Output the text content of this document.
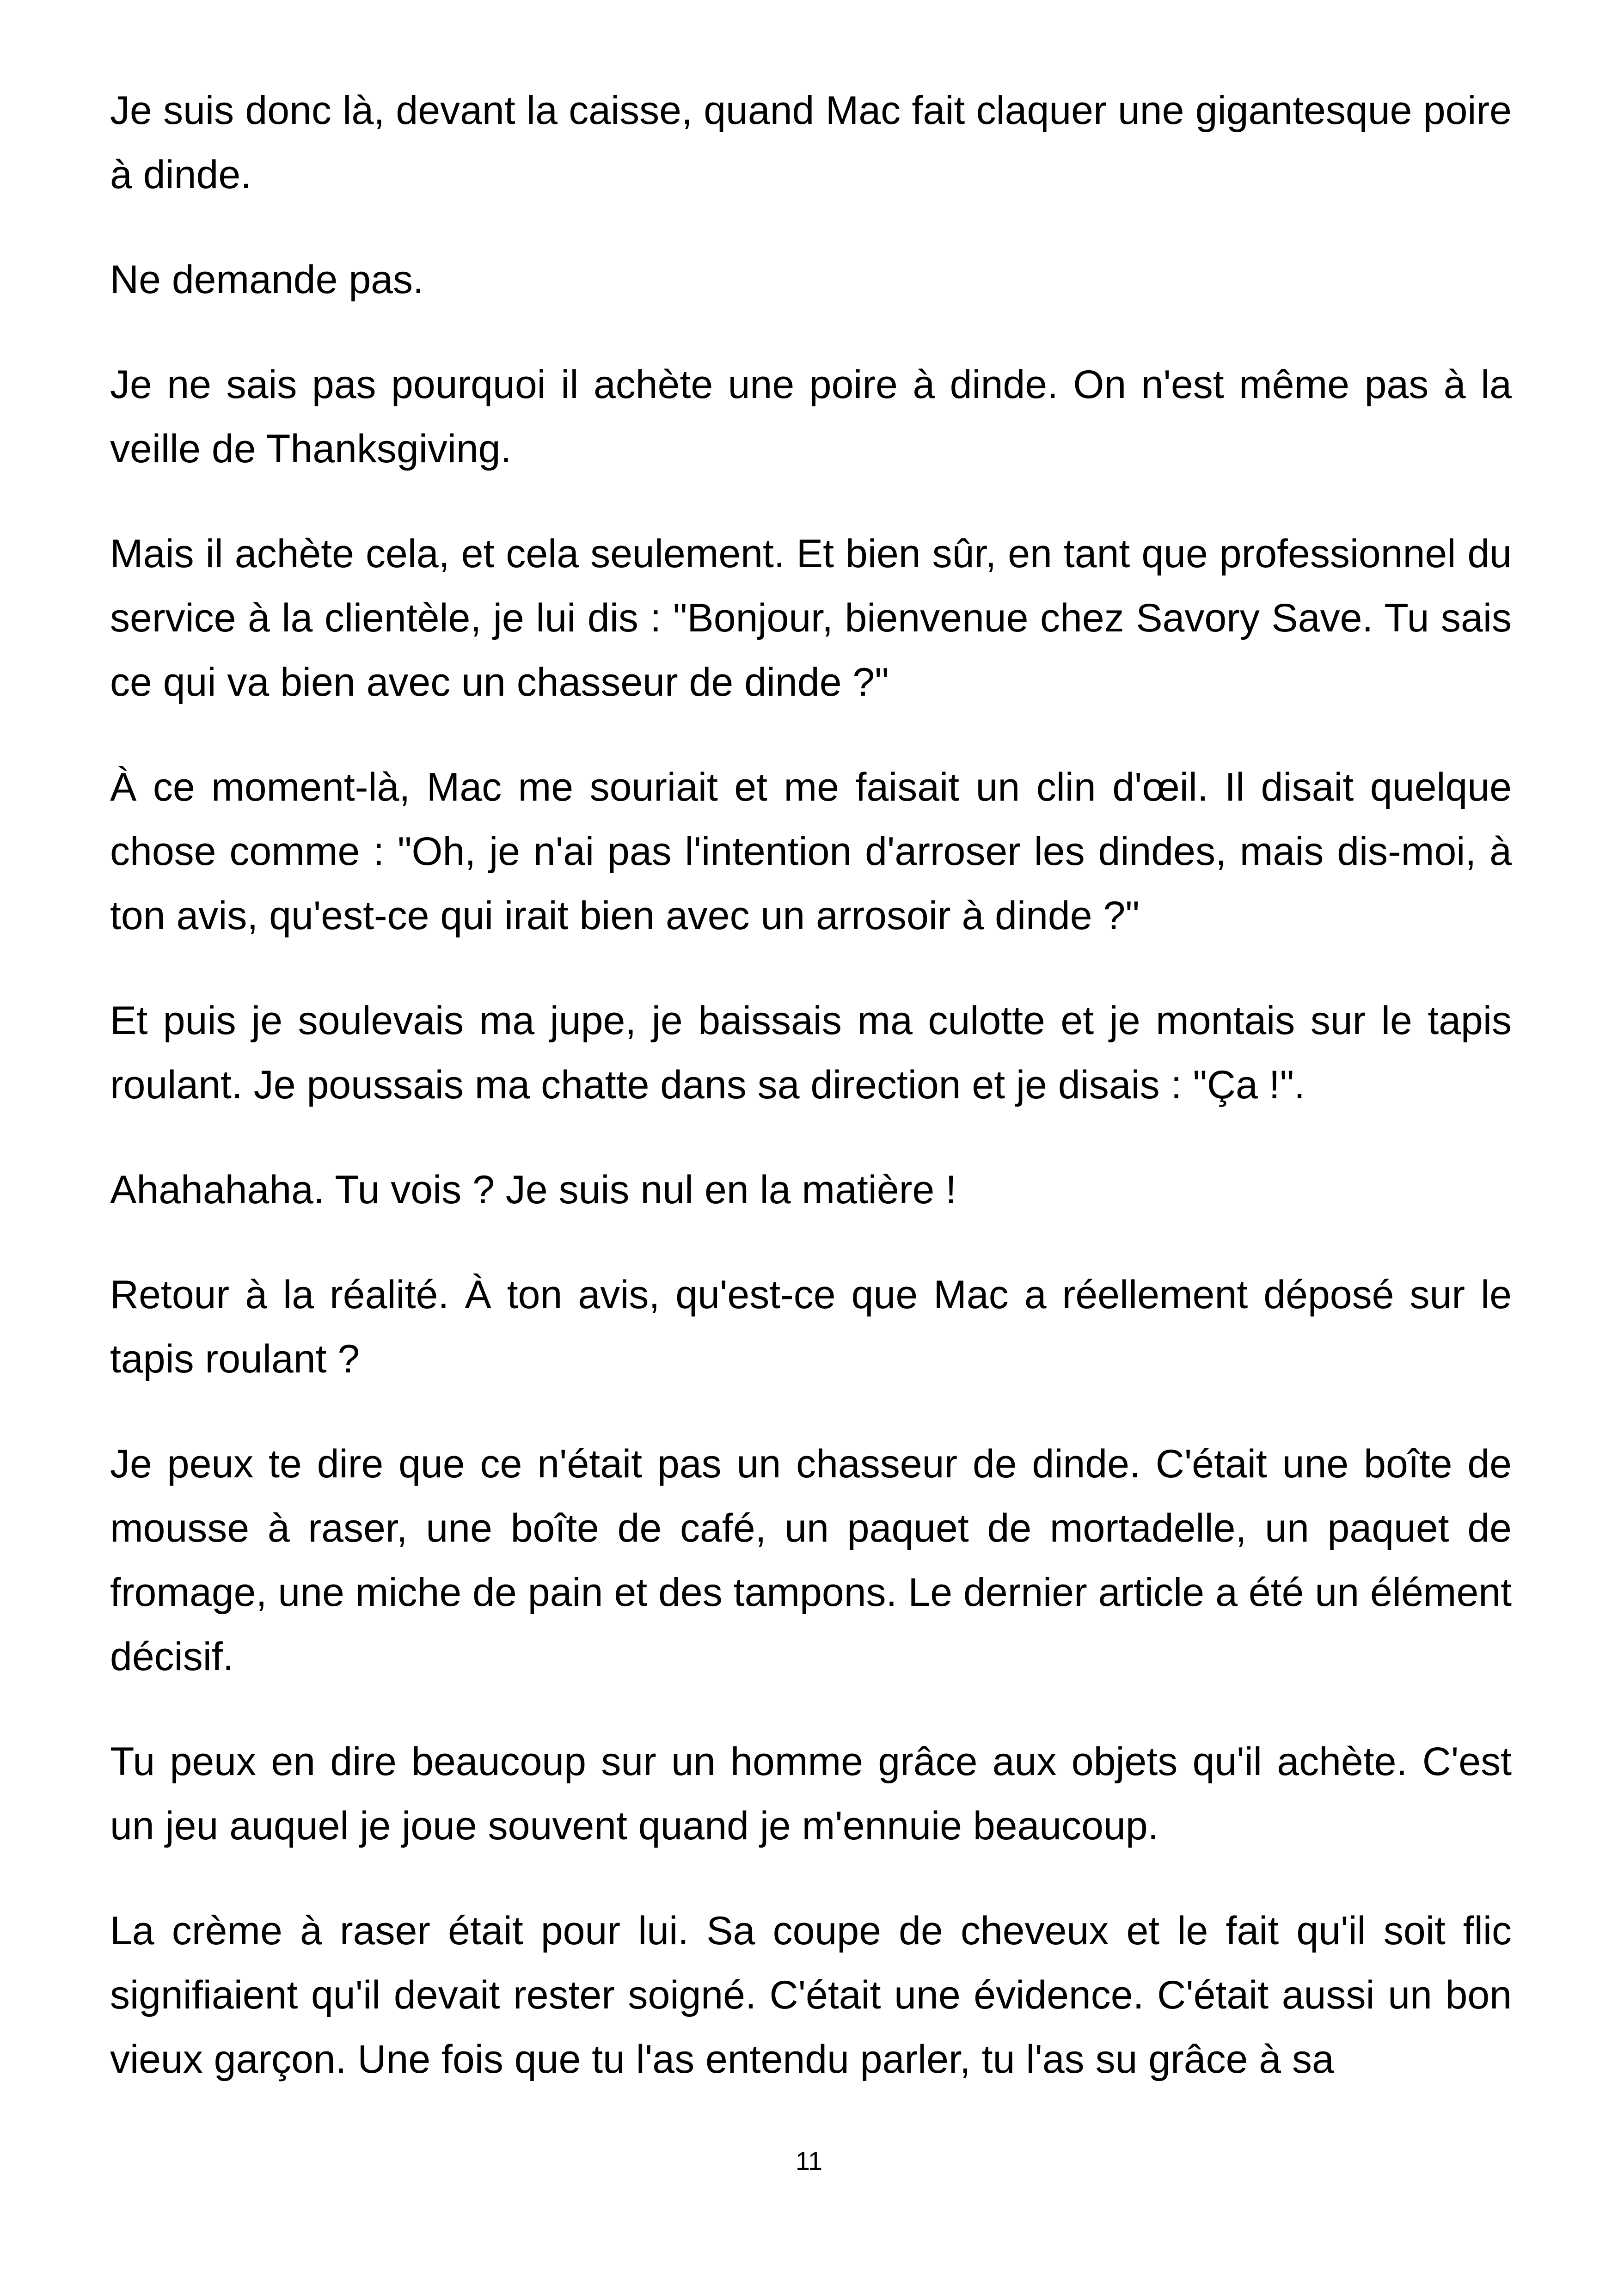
Je suis donc là, devant la caisse, quand Mac fait claquer une gigantesque poire à dinde.

Ne demande pas.

Je ne sais pas pourquoi il achète une poire à dinde. On n'est même pas à la veille de Thanksgiving.

Mais il achète cela, et cela seulement. Et bien sûr, en tant que professionnel du service à la clientèle, je lui dis : "Bonjour, bienvenue chez Savory Save. Tu sais ce qui va bien avec un chasseur de dinde ?"

À ce moment-là, Mac me souriait et me faisait un clin d'œil. Il disait quelque chose comme : "Oh, je n'ai pas l'intention d'arroser les dindes, mais dis-moi, à ton avis, qu'est-ce qui irait bien avec un arrosoir à dinde ?"

Et puis je soulevais ma jupe, je baissais ma culotte et je montais sur le tapis roulant. Je poussais ma chatte dans sa direction et je disais : "Ça !".

Ahahahaha. Tu vois ? Je suis nul en la matière !

Retour à la réalité. À ton avis, qu'est-ce que Mac a réellement déposé sur le tapis roulant ?

Je peux te dire que ce n'était pas un chasseur de dinde. C'était une boîte de mousse à raser, une boîte de café, un paquet de mortadelle, un paquet de fromage, une miche de pain et des tampons. Le dernier article a été un élément décisif.

Tu peux en dire beaucoup sur un homme grâce aux objets qu'il achète. C'est un jeu auquel je joue souvent quand je m'ennuie beaucoup.

La crème à raser était pour lui. Sa coupe de cheveux et le fait qu'il soit flic signifiaient qu'il devait rester soigné. C'était une évidence. C'était aussi un bon vieux garçon. Une fois que tu l'as entendu parler, tu l'as su grâce à sa

11
